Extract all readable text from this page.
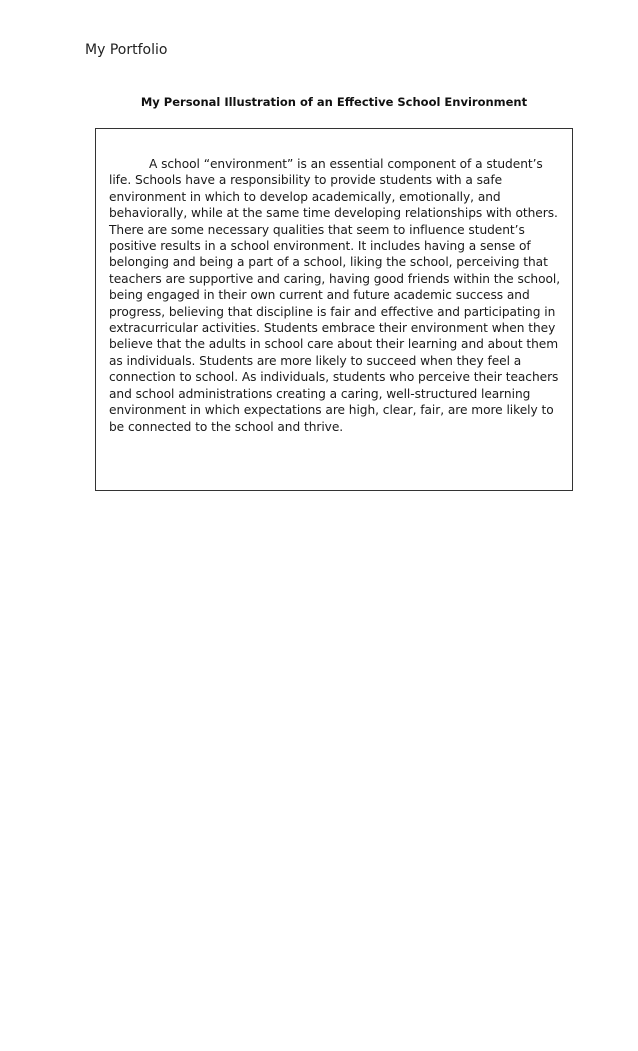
My Portfolio
My Personal Illustration of an Effective School Environment

A school “environment” is an essential component of a student’s life. Schools have a responsibility to provide students with a safe environment in which to develop academically, emotionally, and behaviorally, while at the same time developing relationships with others. There are some necessary qualities that seem to influence student’s positive results in a school environment. It includes having a sense of belonging and being a part of a school, liking the school, perceiving that teachers are supportive and caring, having good friends within the school, being engaged in their own current and future academic success and progress, believing that discipline is fair and effective and participating in extracurricular activities. Students embrace their environment when they believe that the adults in school care about their learning and about them as individuals. Students are more likely to succeed when they feel a connection to school. As individuals, students who perceive their teachers and school administrations creating a caring, well-structured learning environment in which expectations are high, clear, fair, are more likely to be connected to the school and thrive.
